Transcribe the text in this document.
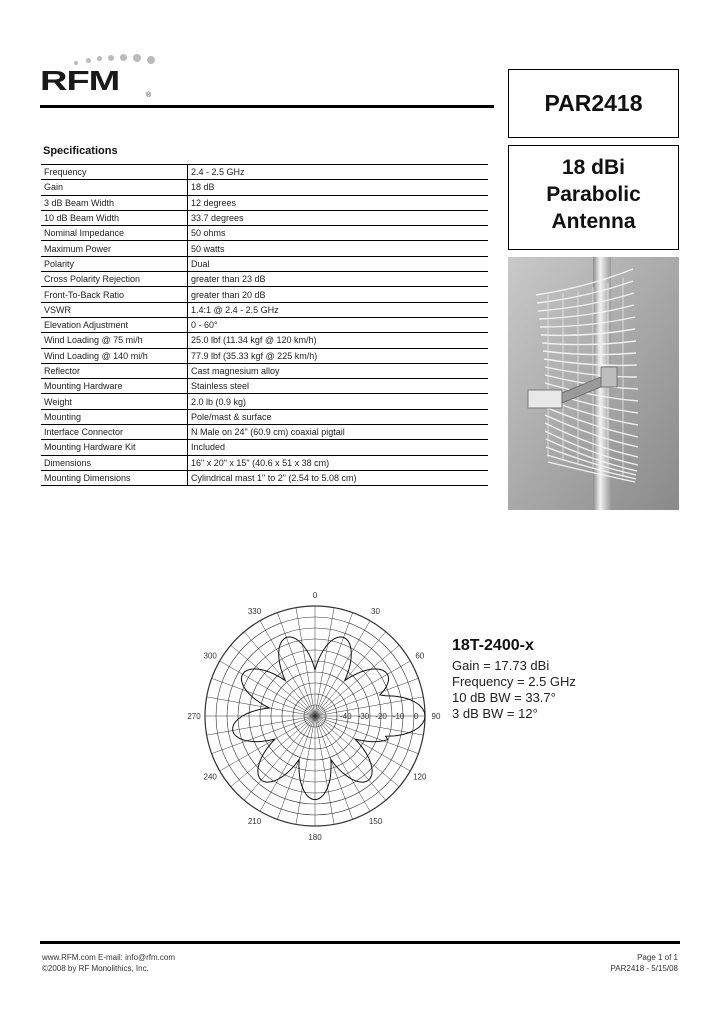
RFM	®	PAR2418
18 dBi
Parabolic
Antenna
Specifications
Frequency	2.4 - 2.5 GHz
Gain	18 dB
3 dB Beam Width	12 degrees
10 dB Beam Width	33.7 degrees
Nominal Impedance	50 ohms
Maximum Power	50 watts
Polarity	Dual
Cross Polarity Rejection	greater than 23 dB
Front-To-Back Ratio	greater than 20 dB
VSWR	1.4:1 @ 2.4 - 2.5 GHz
Elevation Adjustment	0 - 60°
Wind Loading @ 75 mi/h	25.0 lbf (11.34 kgf @ 120 km/h)
Wind Loading @ 140 mi/h	77.9 lbf (35.33 kgf @ 225 km/h)
Reflector	Cast magnesium alloy
Mounting Hardware	Stainless steel
Weight	2.0 lb (0.9 kg)
Mounting	Pole/mast & surface
Interface Connector	N Male on 24" (60.9 cm) coaxial pigtail
Mounting Hardware Kit	Included
Dimensions	16" x 20" x 15" (40.6 x 51 x 38 cm)
Mounting Dimensions	Cylindrical mast 1" to 2" (2.54 to 5.08 cm)
0
30
60
90
120
150
180
210
240
270
300
330
-40 -30 -20 -10 0
18T-2400-x
Gain = 17.73 dBi
Frequency = 2.5 GHz
10 dB BW = 33.7°
3 dB BW = 12°
www.RFM.com E-mail: info@rfm.com
©2008 by RF Monolithics, Inc.
Page 1 of 1
PAR2418 - 5/15/08
